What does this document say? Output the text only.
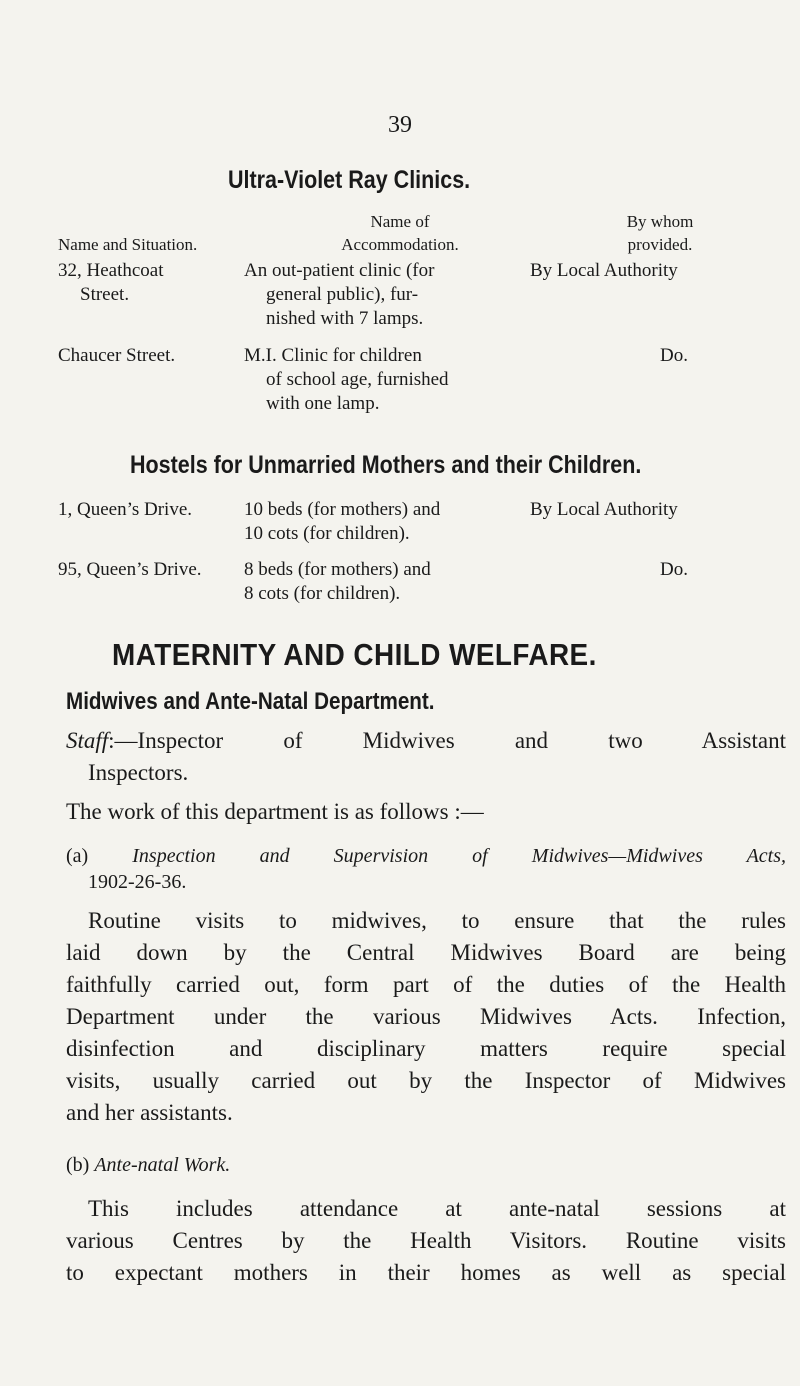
39
Ultra-Violet Ray Clinics.
Name and Situation.
Name of
Accommodation.
By whom
provided.
32, Heathcoat
Street.
An out-patient clinic (for
general public), fur-
nished with 7 lamps.
By Local Authority
Chaucer Street.	M.I. Clinic for children
of school age, furnished
with one lamp.
Do.
Hostels for Unmarried Mothers and their Children.
1, Queen’s Drive.	10 beds (for mothers) and
10 cots (for children).
By Local Authority
95, Queen’s Drive. 8 beds (for mothers) and
8 cots (for children).
Do.
MATERNITY AND CHILD WELFARE.
Midwives and Ante-Natal Department.
Staff:—Inspector of Midwives and two Assistant
Inspectors.
The work of this department is as follows :—
(a) Inspection and Supervision of Midwives—Midwives Acts,
1902-26-36.
Routine visits to midwives, to ensure that the rules
laid down by the Central Midwives Board are being
faithfully carried out, form part of the duties of the Health
Department under the various Midwives Acts. Infection,
disinfection and disciplinary matters require special
visits, usually carried out by the Inspector of Midwives
and her assistants.
(b) Ante-natal Work.
This includes attendance at ante-natal sessions at
various Centres by the Health Visitors. Routine visits
to expectant mothers in their homes as well as special
